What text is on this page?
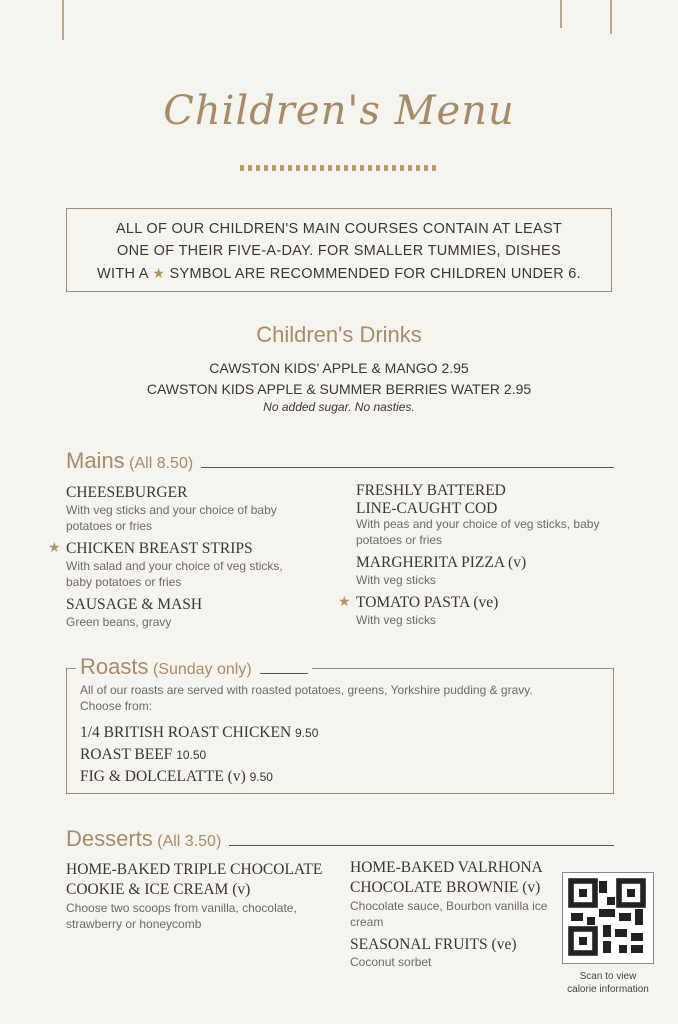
Children's Menu
ALL OF OUR CHILDREN'S MAIN COURSES CONTAIN AT LEAST
ONE OF THEIR FIVE-A-DAY. FOR SMALLER TUMMIES, DISHES
WITH A ★ SYMBOL ARE RECOMMENDED FOR CHILDREN UNDER 6.
Children's Drinks
CAWSTON KIDS' APPLE & MANGO 2.95
CAWSTON KIDS APPLE & SUMMER BERRIES WATER 2.95
No added sugar. No nasties.
Mains
(All 8.50)
CHEESEBURGER
With veg sticks and your choice of baby potatoes or fries
★ CHICKEN BREAST STRIPS
With salad and your choice of veg sticks, baby potatoes or fries
SAUSAGE & MASH
Green beans, gravy
FRESHLY BATTERED LINE-CAUGHT COD
With peas and your choice of veg sticks, baby potatoes or fries
MARGHERITA PIZZA (v)
With veg sticks
★ TOMATO PASTA (ve)
With veg sticks
Roasts
(Sunday only)
All of our roasts are served with roasted potatoes, greens, Yorkshire pudding & gravy.
Choose from:
1/4 BRITISH ROAST CHICKEN 9.50
ROAST BEEF 10.50
FIG & DOLCELATTE (v) 9.50
Desserts
(All 3.50)
HOME-BAKED TRIPLE CHOCOLATE COOKIE & ICE CREAM (v)
Choose two scoops from vanilla, chocolate, strawberry or honeycomb
HOME-BAKED VALRHONA CHOCOLATE BROWNIE (v)
Chocolate sauce, Bourbon vanilla ice cream
SEASONAL FRUITS (ve)
Coconut sorbet
Scan to view
calorie information
